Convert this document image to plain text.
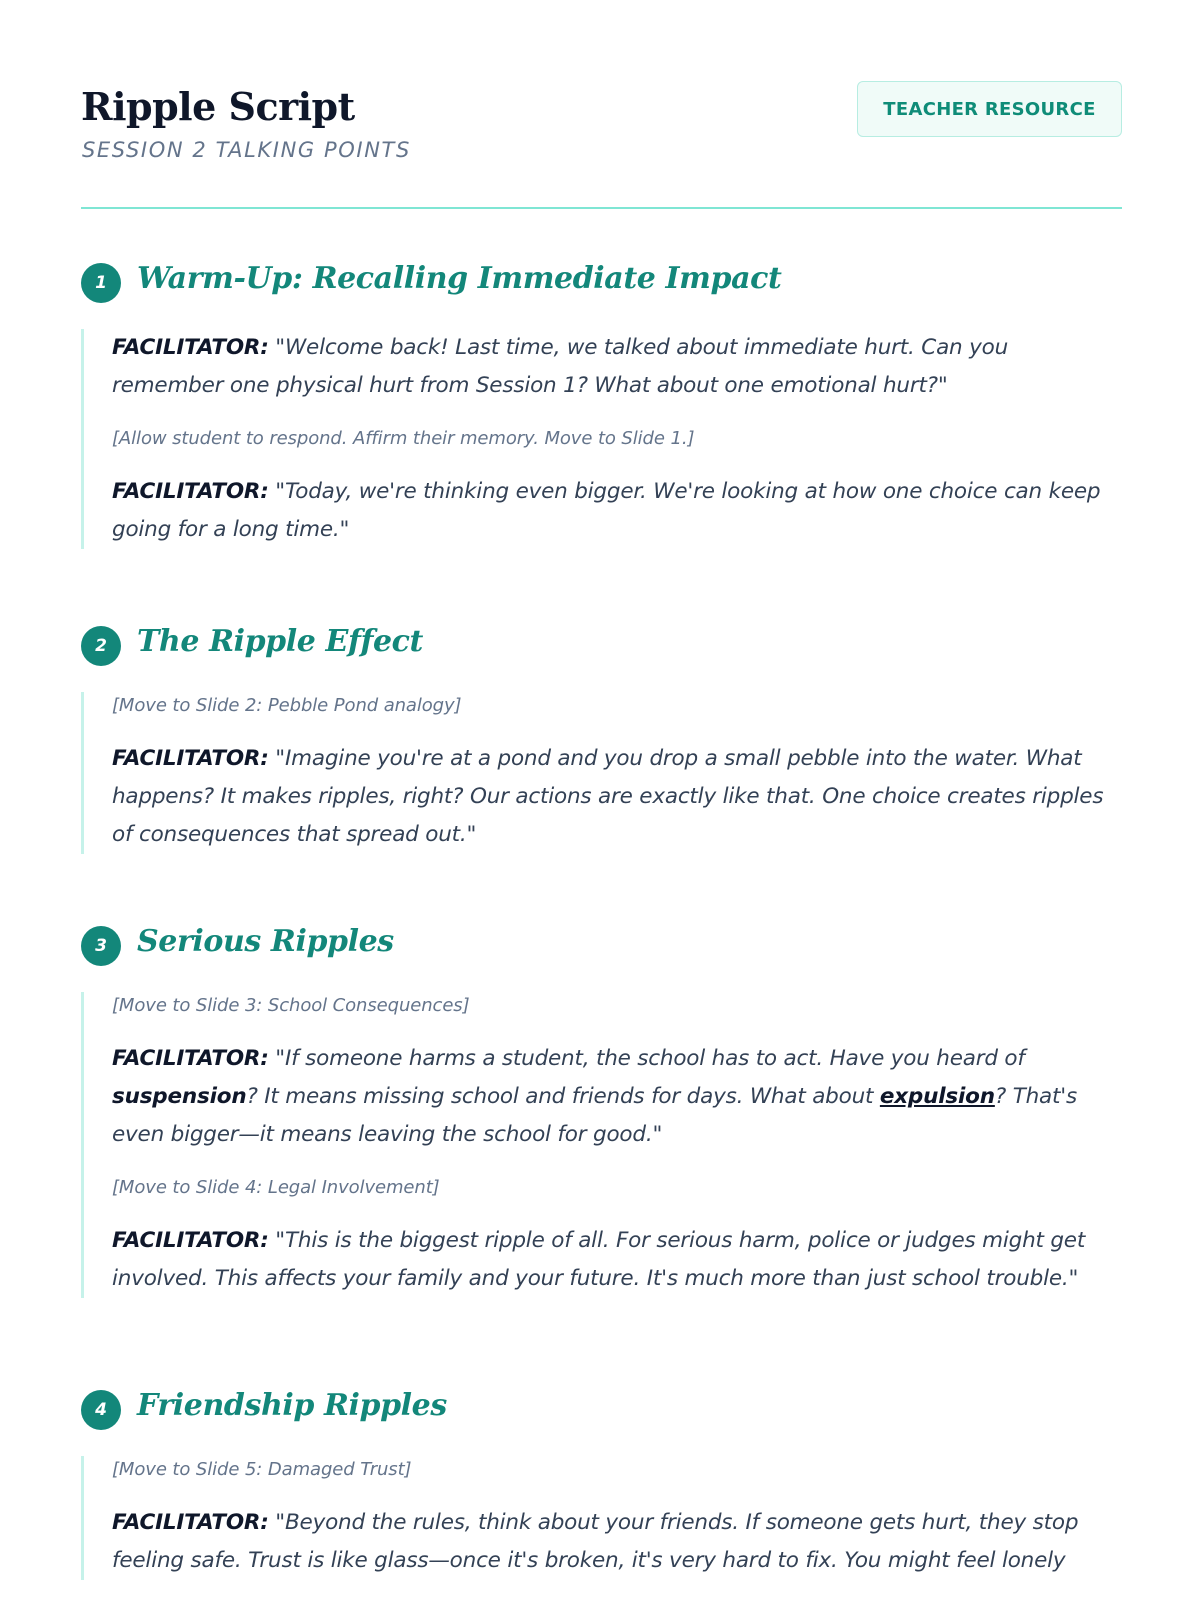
Ripple Script
SESSION 2 TALKING POINTS
TEACHER RESOURCE
1	Warm-Up: Recalling Immediate Impact

FACILITATOR: "Welcome back! Last time, we talked about immediate hurt. Can you remember one physical hurt from Session 1? What about one emotional hurt?"

[Allow student to respond. Affirm their memory. Move to Slide 1.]

FACILITATOR: "Today, we're thinking even bigger. We're looking at how one choice can keep going for a long time."

2	The Ripple Effect

[Move to Slide 2: Pebble Pond analogy]

FACILITATOR: "Imagine you're at a pond and you drop a small pebble into the water. What happens? It makes ripples, right? Our actions are exactly like that. One choice creates ripples of consequences that spread out."

3	Serious Ripples

[Move to Slide 3: School Consequences]

FACILITATOR: "If someone harms a student, the school has to act. Have you heard of suspension? It means missing school and friends for days. What about expulsion? That's even bigger—it means leaving the school for good."

[Move to Slide 4: Legal Involvement]

FACILITATOR: "This is the biggest ripple of all. For serious harm, police or judges might get involved. This affects your family and your future. It's much more than just school trouble."

4	Friendship Ripples

[Move to Slide 5: Damaged Trust]

FACILITATOR: "Beyond the rules, think about your friends. If someone gets hurt, they stop feeling safe. Trust is like glass—once it's broken, it's very hard to fix. You might feel lonely
